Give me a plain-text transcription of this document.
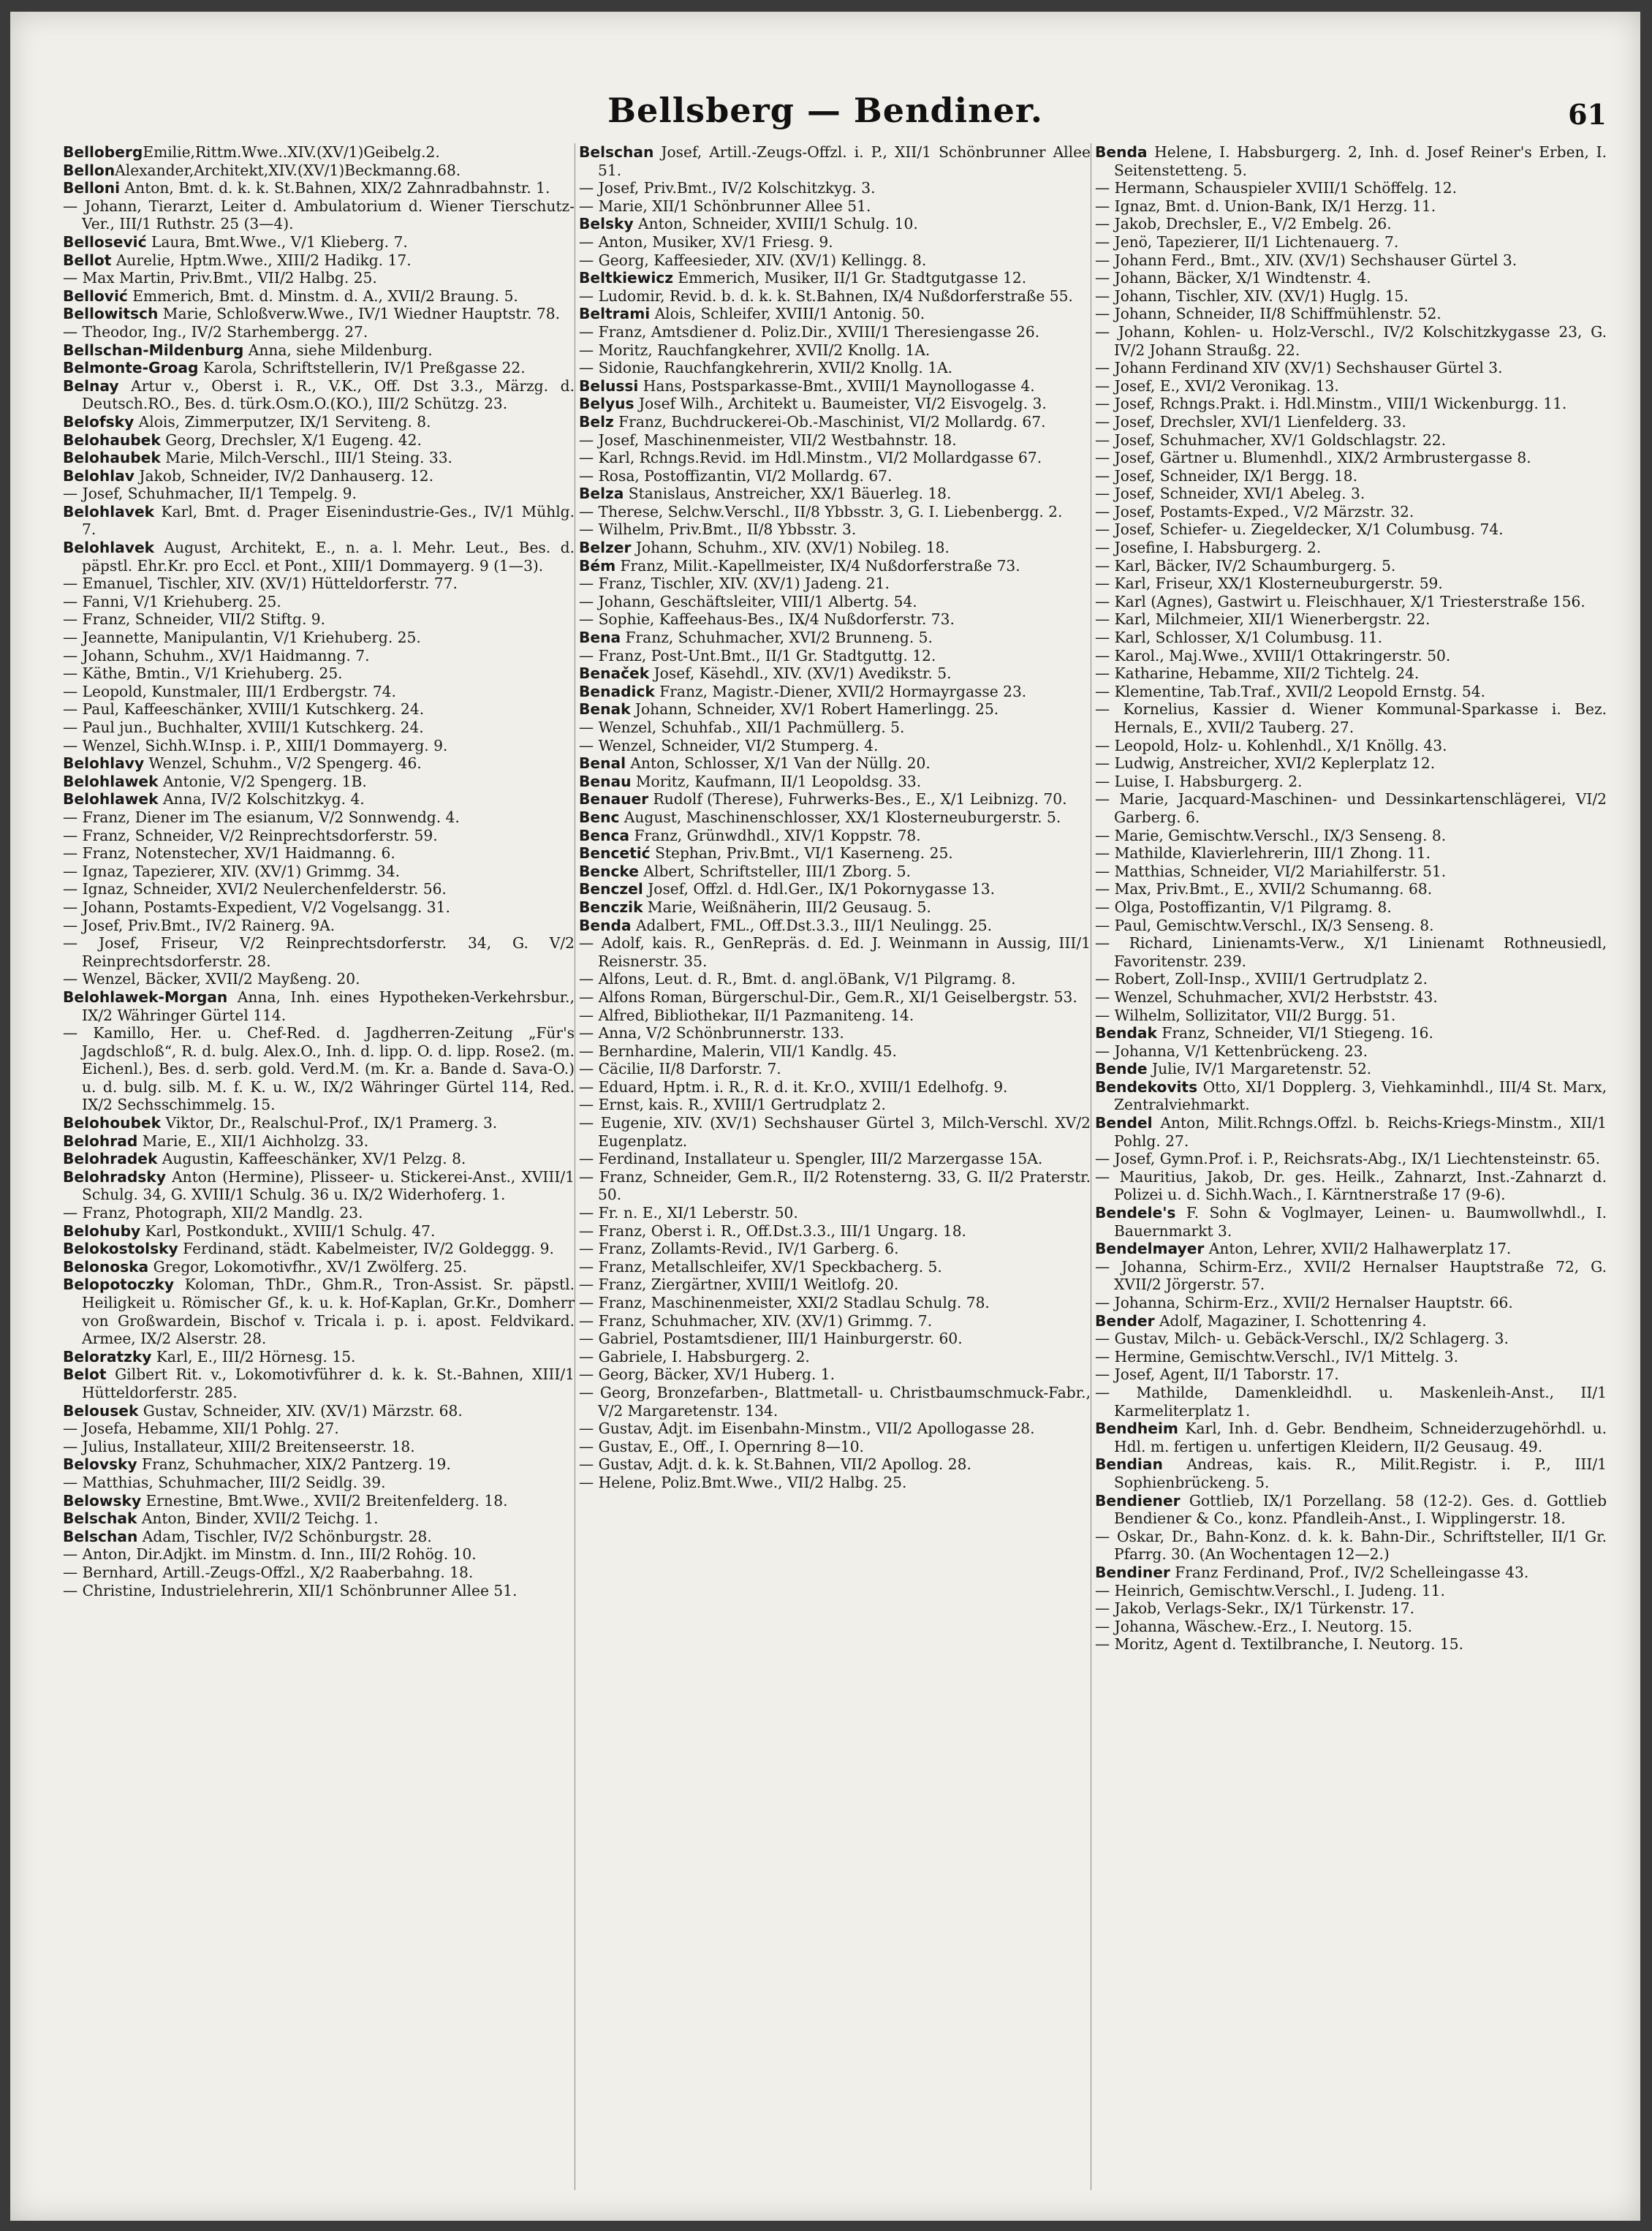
Bellsberg — Bendiner.	61

BellobergEmilie,Rittm.Wwe..XIV.(XV/1)Geibelg.2.

BellonAlexander,Architekt,XIV.(XV/1)Beckmanng.68.

Belloni Anton, Bmt. d. k. k. St.Bahnen, XIX/2 Zahnradbahnstr. 1.

— Johann, Tierarzt, Leiter d. Ambulatorium d. Wiener Tierschutz-Ver., III/1 Ruthstr. 25 (3—4).

Bellosević Laura, Bmt.Wwe., V/1 Klieberg. 7.

Bellot Aurelie, Hptm.Wwe., XIII/2 Hadikg. 17.

— Max Martin, Priv.Bmt., VII/2 Halbg. 25.

Bellović Emmerich, Bmt. d. Minstm. d. A., XVII/2 Braung. 5.

Bellowitsch Marie, Schloßverw.Wwe., IV/1 Wiedner Hauptstr. 78.

— Theodor, Ing., IV/2 Starhembergg. 27.

Bellschan-Mildenburg Anna, siehe Mildenburg.

Belmonte-Groag Karola, Schriftstellerin, IV/1 Preßgasse 22.

Belnay Artur v., Oberst i. R., V.K., Off. Dst 3.3., Märzg. d. Deutsch.RO., Bes. d. türk.Osm.O.(KO.), III/2 Schützg. 23.

Belofsky Alois, Zimmerputzer, IX/1 Serviteng. 8.

Belohaubek Georg, Drechsler, X/1 Eugeng. 42.

Belohaubek Marie, Milch-Verschl., III/1 Steing. 33.

Belohlav Jakob, Schneider, IV/2 Danhauserg. 12.

— Josef, Schuhmacher, II/1 Tempelg. 9.

Belohlavek Karl, Bmt. d. Prager Eisenindustrie-Ges., IV/1 Mühlg. 7.

Belohlavek August, Architekt, E., n. a. l. Mehr. Leut., Bes. d. päpstl. Ehr.Kr. pro Eccl. et Pont., XIII/1 Dommayerg. 9 (1—3).

— Emanuel, Tischler, XIV. (XV/1) Hütteldorferstr. 77.

— Fanni, V/1 Kriehuberg. 25.

— Franz, Schneider, VII/2 Stiftg. 9.

— Jeannette, Manipulantin, V/1 Kriehuberg. 25.

— Johann, Schuhm., XV/1 Haidmanng. 7.

— Käthe, Bmtin., V/1 Kriehuberg. 25.

— Leopold, Kunstmaler, III/1 Erdbergstr. 74.

— Paul, Kaffeeschänker, XVIII/1 Kutschkerg. 24.

— Paul jun., Buchhalter, XVIII/1 Kutschkerg. 24.

— Wenzel, Sichh.W.Insp. i. P., XIII/1 Dommayerg. 9.

Belohlavy Wenzel, Schuhm., V/2 Spengerg. 46.

Belohlawek Antonie, V/2 Spengerg. 1B.

Belohlawek Anna, IV/2 Kolschitzkyg. 4.

— Franz, Diener im The esianum, V/2 Sonnwendg. 4.

— Franz, Schneider, V/2 Reinprechtsdorferstr. 59.

— Franz, Notenstecher, XV/1 Haidmanng. 6.

— Ignaz, Tapezierer, XIV. (XV/1) Grimmg. 34.

— Ignaz, Schneider, XVI/2 Neulerchenfelderstr. 56.

— Johann, Postamts-Expedient, V/2 Vogelsangg. 31.

— Josef, Priv.Bmt., IV/2 Rainerg. 9A.

— Josef, Friseur, V/2 Reinprechtsdorferstr. 34, G. V/2 Reinprechtsdorferstr. 28.

— Wenzel, Bäcker, XVII/2 Mayßeng. 20.

Belohlawek-Morgan Anna, Inh. eines Hypotheken-Verkehrsbur., IX/2 Währinger Gürtel 114.

— Kamillo, Her. u. Chef-Red. d. Jagdherren-Zeitung „Für's Jagdschloß“, R. d. bulg. Alex.O., Inh. d. lipp. O. d. lipp. Rose2. (m. Eichenl.), Bes. d. serb. gold. Verd.M. (m. Kr. a. Bande d. Sava-O.) u. d. bulg. silb. M. f. K. u. W., IX/2 Währinger Gürtel 114, Red. IX/2 Sechsschimmelg. 15.

Belohoubek Viktor, Dr., Realschul-Prof., IX/1 Pramerg. 3.

Belohrad Marie, E., XII/1 Aichholzg. 33.

Belohradek Augustin, Kaffeeschänker, XV/1 Pelzg. 8.

Belohradsky Anton (Hermine), Plisseer- u. Stickerei-Anst., XVIII/1 Schulg. 34, G. XVIII/1 Schulg. 36 u. IX/2 Widerhoferg. 1.

— Franz, Photograph, XII/2 Mandlg. 23.

Belohuby Karl, Postkondukt., XVIII/1 Schulg. 47.

Belokostolsky Ferdinand, städt. Kabelmeister, IV/2 Goldeggg. 9.

Belonoska Gregor, Lokomotivfhr., XV/1 Zwölferg. 25.

Belopotoczky Koloman, ThDr., Ghm.R., Tron-Assist. Sr. päpstl. Heiligkeit u. Römischer Gf., k. u. k. Hof-Kaplan, Gr.Kr., Domherr von Großwardein, Bischof v. Tricala i. p. i. apost. Feldvikard. Armee, IX/2 Alserstr. 28.

Beloratzky Karl, E., III/2 Hörnesg. 15.

Belot Gilbert Rit. v., Lokomotivführer d. k. k. St.-Bahnen, XIII/1 Hütteldorferstr. 285.

Belousek Gustav, Schneider, XIV. (XV/1) Märzstr. 68.

— Josefa, Hebamme, XII/1 Pohlg. 27.

— Julius, Installateur, XIII/2 Breitenseerstr. 18.

Belovsky Franz, Schuhmacher, XIX/2 Pantzerg. 19.

— Matthias, Schuhmacher, III/2 Seidlg. 39.

Belowsky Ernestine, Bmt.Wwe., XVII/2 Breitenfelderg. 18.

Belschak Anton, Binder, XVII/2 Teichg. 1.

Belschan Adam, Tischler, IV/2 Schönburgstr. 28.

— Anton, Dir.Adjkt. im Minstm. d. Inn., III/2 Rohög. 10.

— Bernhard, Artill.-Zeugs-Offzl., X/2 Raaberbahng. 18.

— Christine, Industrielehrerin, XII/1 Schönbrunner Allee 51.

Belschan Josef, Artill.-Zeugs-Offzl. i. P., XII/1 Schönbrunner Allee 51.

— Josef, Priv.Bmt., IV/2 Kolschitzkyg. 3.

— Marie, XII/1 Schönbrunner Allee 51.

Belsky Anton, Schneider, XVIII/1 Schulg. 10.

— Anton, Musiker, XV/1 Friesg. 9.

— Georg, Kaffeesieder, XIV. (XV/1) Kellingg. 8.

Beltkiewicz Emmerich, Musiker, II/1 Gr. Stadtgutgasse 12.

— Ludomir, Revid. b. d. k. k. St.Bahnen, IX/4 Nußdorferstraße 55.

Beltrami Alois, Schleifer, XVIII/1 Antonig. 50.

— Franz, Amtsdiener d. Poliz.Dir., XVIII/1 Theresiengasse 26.

— Moritz, Rauchfangkehrer, XVII/2 Knollg. 1A.

— Sidonie, Rauchfangkehrerin, XVII/2 Knollg. 1A.

Belussi Hans, Postsparkasse-Bmt., XVIII/1 Maynollogasse 4.

Belyus Josef Wilh., Architekt u. Baumeister, VI/2 Eisvogelg. 3.

Belz Franz, Buchdruckerei-Ob.-Maschinist, VI/2 Mollardg. 67.

— Josef, Maschinenmeister, VII/2 Westbahnstr. 18.

— Karl, Rchngs.Revid. im Hdl.Minstm., VI/2 Mollardgasse 67.

— Rosa, Postoffizantin, VI/2 Mollardg. 67.

Belza Stanislaus, Anstreicher, XX/1 Bäuerleg. 18.

— Therese, Selchw.Verschl., II/8 Ybbsstr. 3, G. I. Liebenbergg. 2.

— Wilhelm, Priv.Bmt., II/8 Ybbsstr. 3.

Belzer Johann, Schuhm., XIV. (XV/1) Nobileg. 18.

Bém Franz, Milit.-Kapellmeister, IX/4 Nußdorferstraße 73.

— Franz, Tischler, XIV. (XV/1) Jadeng. 21.

— Johann, Geschäftsleiter, VIII/1 Albertg. 54.

— Sophie, Kaffeehaus-Bes., IX/4 Nußdorferstr. 73.

Bena Franz, Schuhmacher, XVI/2 Brunneng. 5.

— Franz, Post-Unt.Bmt., II/1 Gr. Stadtguttg. 12.

Benaček Josef, Käsehdl., XIV. (XV/1) Avedikstr. 5.

Benadick Franz, Magistr.-Diener, XVII/2 Hormayrgasse 23.

Benak Johann, Schneider, XV/1 Robert Hamerlingg. 25.

— Wenzel, Schuhfab., XII/1 Pachmüllerg. 5.

— Wenzel, Schneider, VI/2 Stumperg. 4.

Benal Anton, Schlosser, X/1 Van der Nüllg. 20.

Benau Moritz, Kaufmann, II/1 Leopoldsg. 33.

Benauer Rudolf (Therese), Fuhrwerks-Bes., E., X/1 Leibnizg. 70.

Benc August, Maschinenschlosser, XX/1 Klosterneuburgerstr. 5.

Benca Franz, Grünwdhdl., XIV/1 Koppstr. 78.

Bencetić Stephan, Priv.Bmt., VI/1 Kaserneng. 25.

Bencke Albert, Schriftsteller, III/1 Zborg. 5.

Benczel Josef, Offzl. d. Hdl.Ger., IX/1 Pokornygasse 13.

Benczik Marie, Weißnäherin, III/2 Geusaug. 5.

Benda Adalbert, FML., Off.Dst.3.3., III/1 Neulingg. 25.

— Adolf, kais. R., GenRepräs. d. Ed. J. Weinmann in Aussig, III/1 Reisnerstr. 35.

— Alfons, Leut. d. R., Bmt. d. angl.öBank, V/1 Pilgramg. 8.

— Alfons Roman, Bürgerschul-Dir., Gem.R., XI/1 Geiselbergstr. 53.

— Alfred, Bibliothekar, II/1 Pazmaniteng. 14.

— Anna, V/2 Schönbrunnerstr. 133.

— Bernhardine, Malerin, VII/1 Kandlg. 45.

— Cäcilie, II/8 Darforstr. 7.

— Eduard, Hptm. i. R., R. d. it. Kr.O., XVIII/1 Edelhofg. 9.

— Ernst, kais. R., XVIII/1 Gertrudplatz 2.

— Eugenie, XIV. (XV/1) Sechshauser Gürtel 3, Milch-Verschl. XV/2 Eugenplatz.

— Ferdinand, Installateur u. Spengler, III/2 Marzergasse 15A.

— Franz, Schneider, Gem.R., II/2 Rotensterng. 33, G. II/2 Praterstr. 50.

— Fr. n. E., XI/1 Leberstr. 50.

— Franz, Oberst i. R., Off.Dst.3.3., III/1 Ungarg. 18.

— Franz, Zollamts-Revid., IV/1 Garberg. 6.

— Franz, Metallschleifer, XV/1 Speckbacherg. 5.

— Franz, Ziergärtner, XVIII/1 Weitlofg. 20.

— Franz, Maschinenmeister, XXI/2 Stadlau Schulg. 78.

— Franz, Schuhmacher, XIV. (XV/1) Grimmg. 7.

— Gabriel, Postamtsdiener, III/1 Hainburgerstr. 60.

— Gabriele, I. Habsburgerg. 2.

— Georg, Bäcker, XV/1 Huberg. 1.

— Georg, Bronzefarben-, Blattmetall- u. Christbaumschmuck-Fabr., V/2 Margaretenstr. 134.

— Gustav, Adjt. im Eisenbahn-Minstm., VII/2 Apollogasse 28.

— Gustav, E., Off., I. Opernring 8—10.

— Gustav, Adjt. d. k. k. St.Bahnen, VII/2 Apollog. 28.

— Helene, Poliz.Bmt.Wwe., VII/2 Halbg. 25.

Benda Helene, I. Habsburgerg. 2, Inh. d. Josef Reiner's Erben, I. Seitenstetteng. 5.

— Hermann, Schauspieler XVIII/1 Schöffelg. 12.

— Ignaz, Bmt. d. Union-Bank, IX/1 Herzg. 11.

— Jakob, Drechsler, E., V/2 Embelg. 26.

— Jenö, Tapezierer, II/1 Lichtenauerg. 7.

— Johann Ferd., Bmt., XIV. (XV/1) Sechshauser Gürtel 3.

— Johann, Bäcker, X/1 Windtenstr. 4.

— Johann, Tischler, XIV. (XV/1) Huglg. 15.

— Johann, Schneider, II/8 Schiffmühlenstr. 52.

— Johann, Kohlen- u. Holz-Verschl., IV/2 Kolschitzkygasse 23, G. IV/2 Johann Straußg. 22.

— Johann Ferdinand XIV (XV/1) Sechshauser Gürtel 3.

— Josef, E., XVI/2 Veronikag. 13.

— Josef, Rchngs.Prakt. i. Hdl.Minstm., VIII/1 Wickenburgg. 11.

— Josef, Drechsler, XVI/1 Lienfelderg. 33.

— Josef, Schuhmacher, XV/1 Goldschlagstr. 22.

— Josef, Gärtner u. Blumenhdl., XIX/2 Armbrustergasse 8.

— Josef, Schneider, IX/1 Bergg. 18.

— Josef, Schneider, XVI/1 Abeleg. 3.

— Josef, Postamts-Exped., V/2 Märzstr. 32.

— Josef, Schiefer- u. Ziegeldecker, X/1 Columbusg. 74.

— Josefine, I. Habsburgerg. 2.

— Karl, Bäcker, IV/2 Schaumburgerg. 5.

— Karl, Friseur, XX/1 Klosterneuburgerstr. 59.

— Karl (Agnes), Gastwirt u. Fleischhauer, X/1 Triesterstraße 156.

— Karl, Milchmeier, XII/1 Wienerbergstr. 22.

— Karl, Schlosser, X/1 Columbusg. 11.

— Karol., Maj.Wwe., XVIII/1 Ottakringerstr. 50.

— Katharine, Hebamme, XII/2 Tichtelg. 24.

— Klementine, Tab.Traf., XVII/2 Leopold Ernstg. 54.

— Kornelius, Kassier d. Wiener Kommunal-Sparkasse i. Bez. Hernals, E., XVII/2 Tauberg. 27.

— Leopold, Holz- u. Kohlenhdl., X/1 Knöllg. 43.

— Ludwig, Anstreicher, XVI/2 Keplerplatz 12.

— Luise, I. Habsburgerg. 2.

— Marie, Jacquard-Maschinen- und Dessinkartenschlägerei, VI/2 Garberg. 6.

— Marie, Gemischtw.Verschl., IX/3 Senseng. 8.

— Mathilde, Klavierlehrerin, III/1 Zhong. 11.

— Matthias, Schneider, VI/2 Mariahilferstr. 51.

— Max, Priv.Bmt., E., XVII/2 Schumanng. 68.

— Olga, Postoffizantin, V/1 Pilgramg. 8.

— Paul, Gemischtw.Verschl., IX/3 Senseng. 8.

— Richard, Linienamts-Verw., X/1 Linienamt Rothneusiedl, Favoritenstr. 239.

— Robert, Zoll-Insp., XVIII/1 Gertrudplatz 2.

— Wenzel, Schuhmacher, XVI/2 Herbststr. 43.

— Wilhelm, Sollizitator, VII/2 Burgg. 51.

Bendak Franz, Schneider, VI/1 Stiegeng. 16.

— Johanna, V/1 Kettenbrückeng. 23.

Bende Julie, IV/1 Margaretenstr. 52.

Bendekovits Otto, XI/1 Dopplerg. 3, Viehkaminhdl., III/4 St. Marx, Zentralviehmarkt.

Bendel Anton, Milit.Rchngs.Offzl. b. Reichs-Kriegs-Minstm., XII/1 Pohlg. 27.

— Josef, Gymn.Prof. i. P., Reichsrats-Abg., IX/1 Liechtensteinstr. 65.

— Mauritius, Jakob, Dr. ges. Heilk., Zahnarzt, Inst.-Zahnarzt d. Polizei u. d. Sichh.Wach., I. Kärntnerstraße 17 (9-6).

Bendele's F. Sohn & Voglmayer, Leinen- u. Baumwollwhdl., I. Bauernmarkt 3.

Bendelmayer Anton, Lehrer, XVII/2 Halhawerplatz 17.

— Johanna, Schirm-Erz., XVII/2 Hernalser Hauptstraße 72, G. XVII/2 Jörgerstr. 57.

— Johanna, Schirm-Erz., XVII/2 Hernalser Hauptstr. 66.

Bender Adolf, Magaziner, I. Schottenring 4.

— Gustav, Milch- u. Gebäck-Verschl., IX/2 Schlagerg. 3.

— Hermine, Gemischtw.Verschl., IV/1 Mittelg. 3.

— Josef, Agent, II/1 Taborstr. 17.

— Mathilde, Damenkleidhdl. u. Maskenleih-Anst., II/1 Karmeliterplatz 1.

Bendheim Karl, Inh. d. Gebr. Bendheim, Schneiderzugehörhdl. u. Hdl. m. fertigen u. unfertigen Kleidern, II/2 Geusaug. 49.

Bendian Andreas, kais. R., Milit.Registr. i. P., III/1 Sophienbrückeng. 5.

Bendiener Gottlieb, IX/1 Porzellang. 58 (12-2). Ges. d. Gottlieb Bendiener & Co., konz. Pfandleih-Anst., I. Wipplingerstr. 18.

— Oskar, Dr., Bahn-Konz. d. k. k. Bahn-Dir., Schriftsteller, II/1 Gr. Pfarrg. 30. (An Wochentagen 12—2.)

Bendiner Franz Ferdinand, Prof., IV/2 Schelleingasse 43.

— Heinrich, Gemischtw.Verschl., I. Judeng. 11.

— Jakob, Verlags-Sekr., IX/1 Türkenstr. 17.

— Johanna, Wäschew.-Erz., I. Neutorg. 15.

— Moritz, Agent d. Textilbranche, I. Neutorg. 15.
